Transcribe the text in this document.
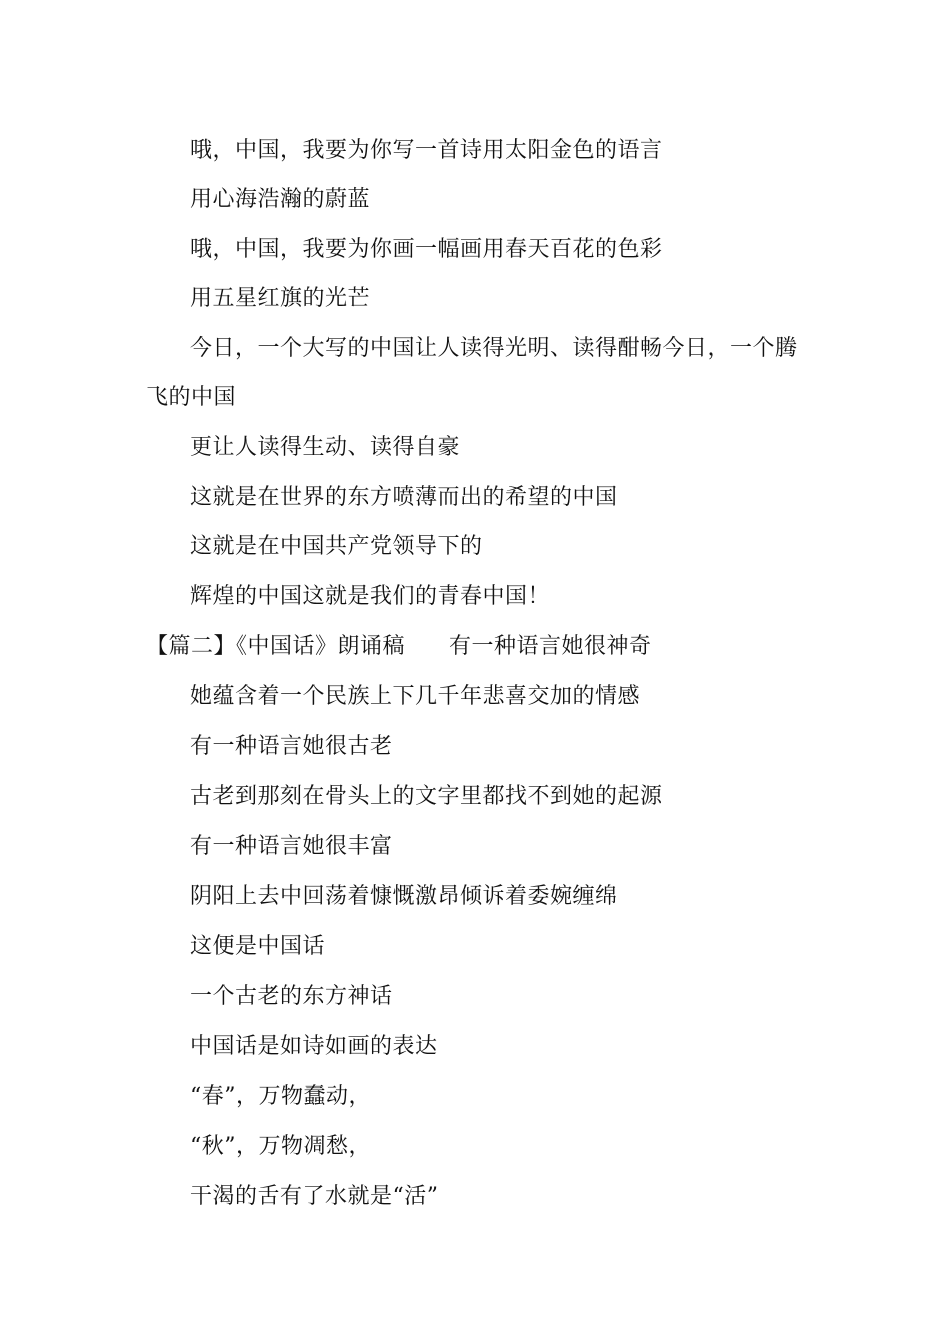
哦，中国，我要为你写一首诗用太阳金色的语言
用心海浩瀚的蔚蓝
哦，中国，我要为你画一幅画用春天百花的色彩
用五星红旗的光芒
今日，一个大写的中国让人读得光明、读得酣畅今日，一个腾
飞的中国
更让人读得生动、读得自豪
这就是在世界的东方喷薄而出的希望的中国
这就是在中国共产党领导下的
辉煌的中国这就是我们的青春中国！
【篇二】《中国话》朗诵稿 有一种语言她很神奇
她蕴含着一个民族上下几千年悲喜交加的情感
有一种语言她很古老
古老到那刻在骨头上的文字里都找不到她的起源
有一种语言她很丰富
阴阳上去中回荡着慷慨激昂倾诉着委婉缠绵
这便是中国话
一个古老的东方神话
中国话是如诗如画的表达
“春”，万物蠢动，
“秋”，万物凋愁，
干渴的舌有了水就是“活”
